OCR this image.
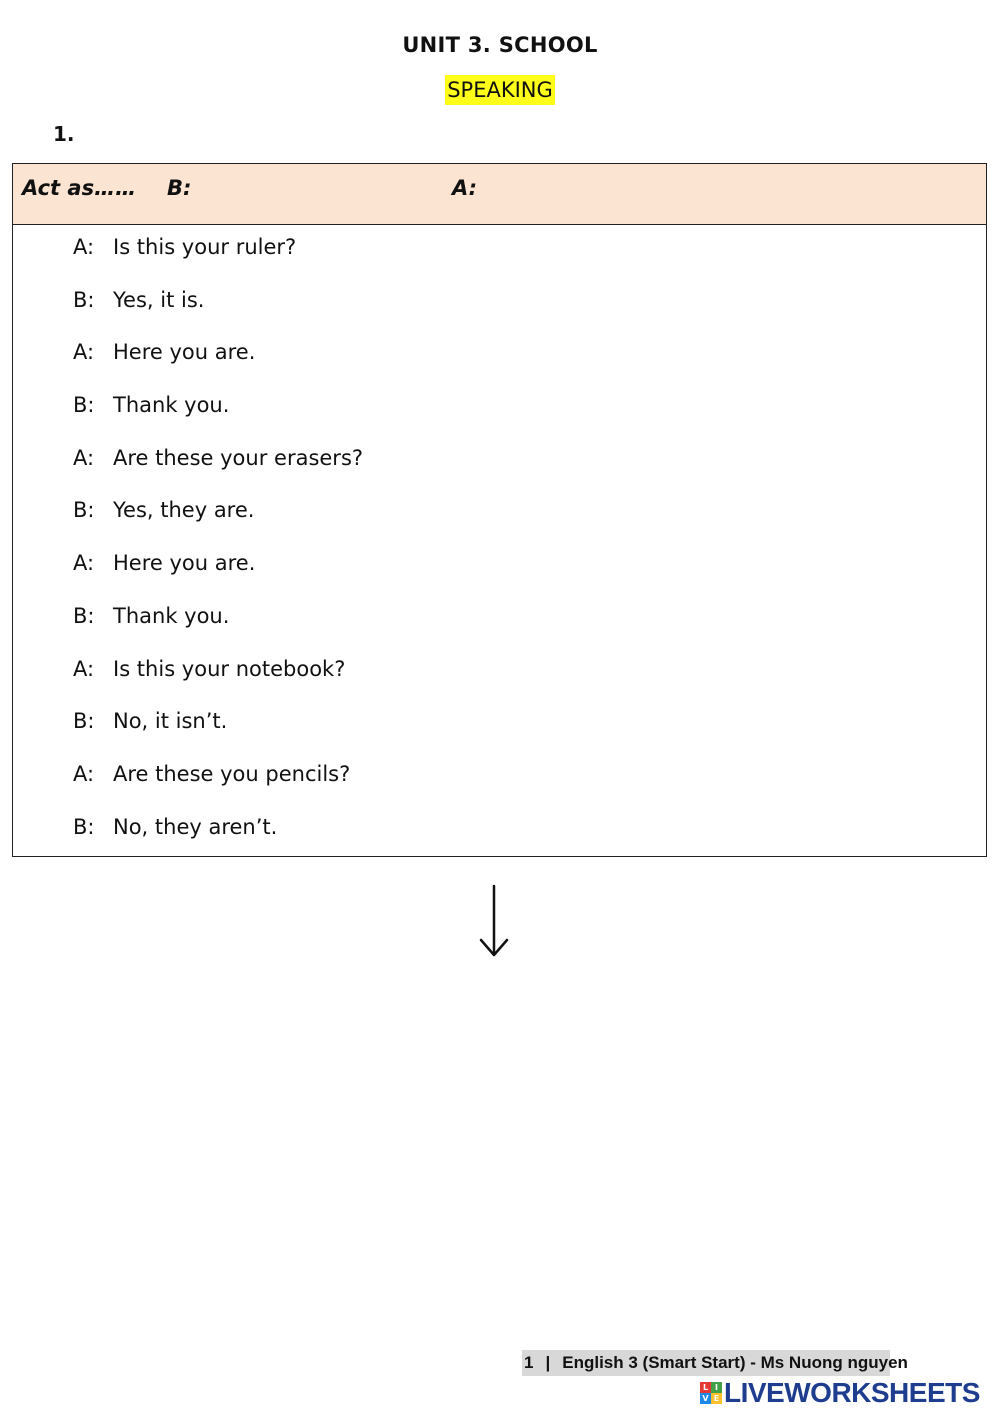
UNIT 3. SCHOOL
SPEAKING
1.
Act as…… B:	A:
A: Is this your ruler?
B: Yes, it is.
A: Here you are.
B: Thank you.
A: Are these your erasers?
B: Yes, they are.
A: Here you are.
B: Thank you.
A: Is this your notebook?
B: No, it isn’t.
A: Are these you pencils?
B: No, they aren’t.
1 | English 3 (Smart Start) - Ms Nuong nguyen
L I
V E LIVEWORKSHEETS
